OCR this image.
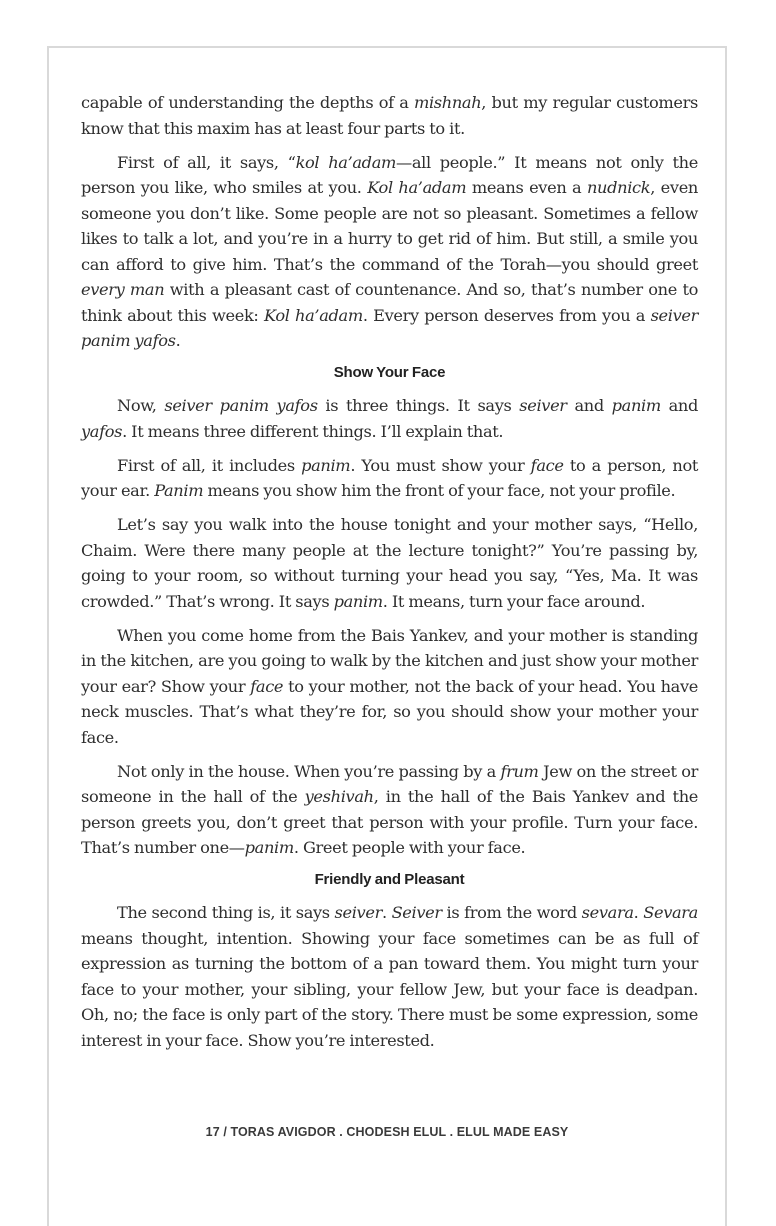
capable of understanding the depths of a mishnah, but my regular customers know that this maxim has at least four parts to it.

First of all, it says, “kol ha’adam—all people.” It means not only the person you like, who smiles at you. Kol ha’adam means even a nudnick, even someone you don’t like. Some people are not so pleasant. Sometimes a fellow likes to talk a lot, and you’re in a hurry to get rid of him. But still, a smile you can afford to give him. That’s the command of the Torah—you should greet every man with a pleasant cast of countenance. And so, that’s number one to think about this week: Kol ha’adam. Every person deserves from you a seiver panim yafos.

Show Your Face

Now, seiver panim yafos is three things. It says seiver and panim and yafos. It means three different things. I’ll explain that.

First of all, it includes panim. You must show your face to a person, not your ear. Panim means you show him the front of your face, not your profile.

Let’s say you walk into the house tonight and your mother says, “Hello, Chaim. Were there many people at the lecture tonight?” You’re passing by, going to your room, so without turning your head you say, “Yes, Ma. It was crowded.” That’s wrong. It says panim. It means, turn your face around.

When you come home from the Bais Yankev, and your mother is standing in the kitchen, are you going to walk by the kitchen and just show your mother your ear? Show your face to your mother, not the back of your head. You have neck muscles. That’s what they’re for, so you should show your mother your face.

Not only in the house. When you’re passing by a frum Jew on the street or someone in the hall of the yeshivah, in the hall of the Bais Yankev and the person greets you, don’t greet that person with your profile. Turn your face. That’s number one—panim. Greet people with your face.

Friendly and Pleasant

The second thing is, it says seiver. Seiver is from the word sevara. Sevara means thought, intention. Showing your face sometimes can be as full of expression as turning the bottom of a pan toward them. You might turn your face to your mother, your sibling, your fellow Jew, but your face is deadpan. Oh, no; the face is only part of the story. There must be some expression, some interest in your face. Show you’re interested.

17 / TORAS AVIGDOR . CHODESH ELUL . ELUL MADE EASY
